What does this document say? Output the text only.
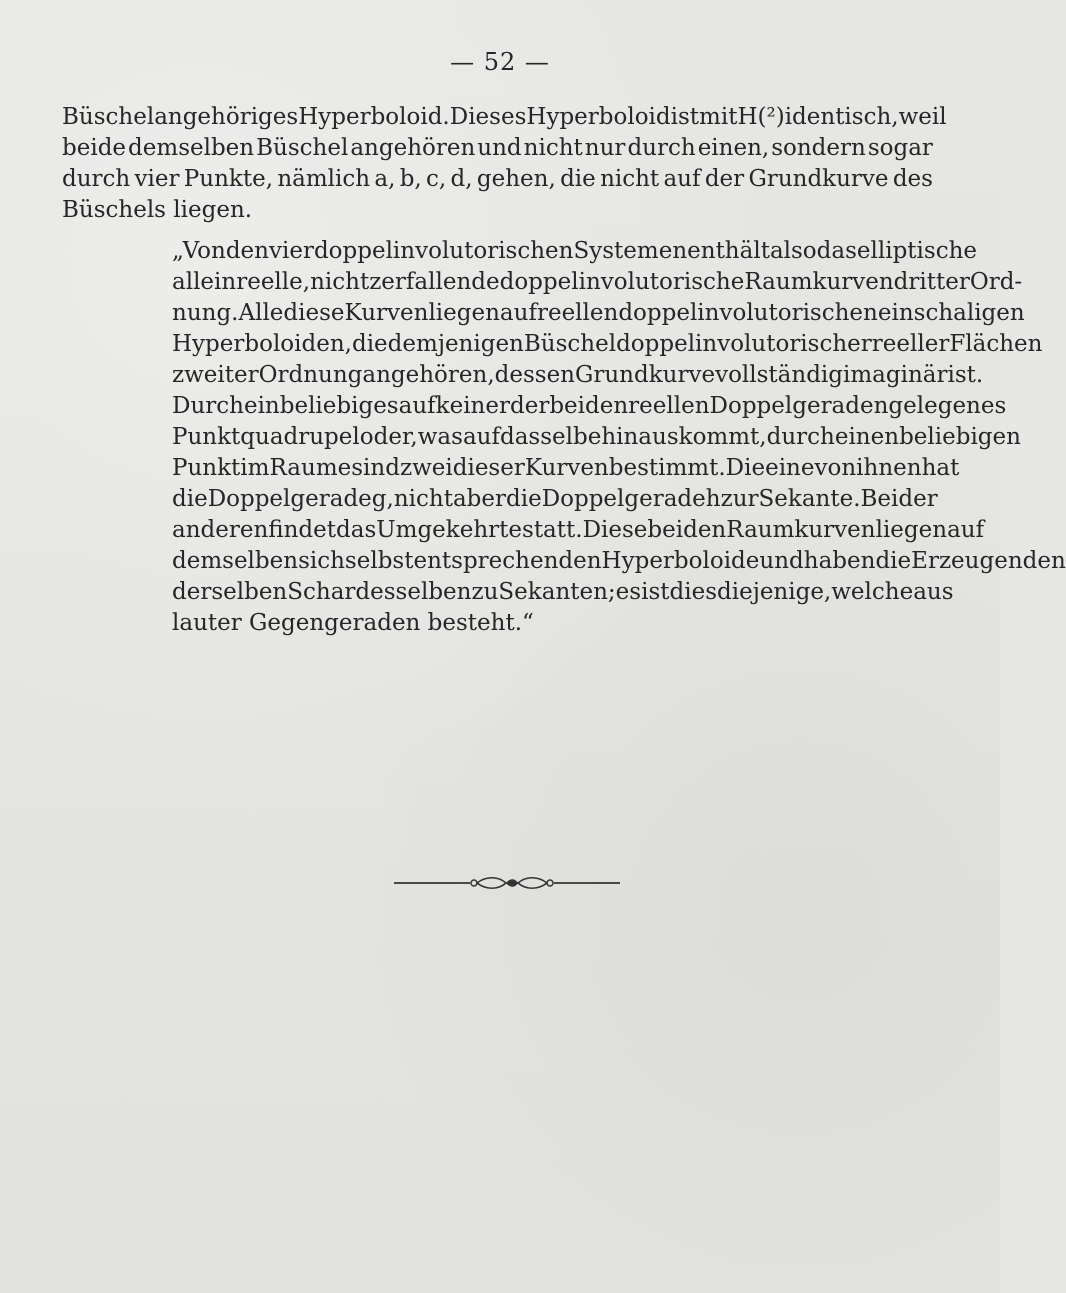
— 52 —
Büschel angehöriges Hyperboloid. Dieses Hyperboloid ist mit H (²) identisch, weil
beide demselben Büschel angehören und nicht nur durch einen, sondern sogar
durch vier Punkte, nämlich a, b, c, d, gehen, die nicht auf der Grundkurve des
Büschels liegen.
„Von den vier doppelinvolutorischen Systemen enthält also das elliptische
allein reelle, nicht zerfallende doppelinvolutorische Raumkurven dritter Ord-
nung. Alle diese Kurven liegen auf reellen doppelinvolutorischen einschaligen
Hyperboloiden, die demjenigen Büschel doppelinvolutorischer reeller Flächen
zweiter Ordnung angehören, dessen Grundkurve vollständig imaginär ist.
Durch ein beliebiges auf keiner der beiden reellen Doppelgeraden gelegenes
Punktquadrupel oder, was auf dasselbe hinauskommt, durch einen beliebigen
Punkt im Raume sind zwei dieser Kurven bestimmt. Die eine von ihnen hat
die Doppelgerade g, nicht aber die Doppelgerade h zur Sekante. Bei der
anderen findet das Umgekehrte statt. Diese beiden Raumkurven liegen auf
demselben sich selbst entsprechenden Hyperboloide und haben die Erzeugenden
derselben Schar desselben zu Sekanten; es ist dies diejenige, welche aus
lauter Gegengeraden besteht.“
